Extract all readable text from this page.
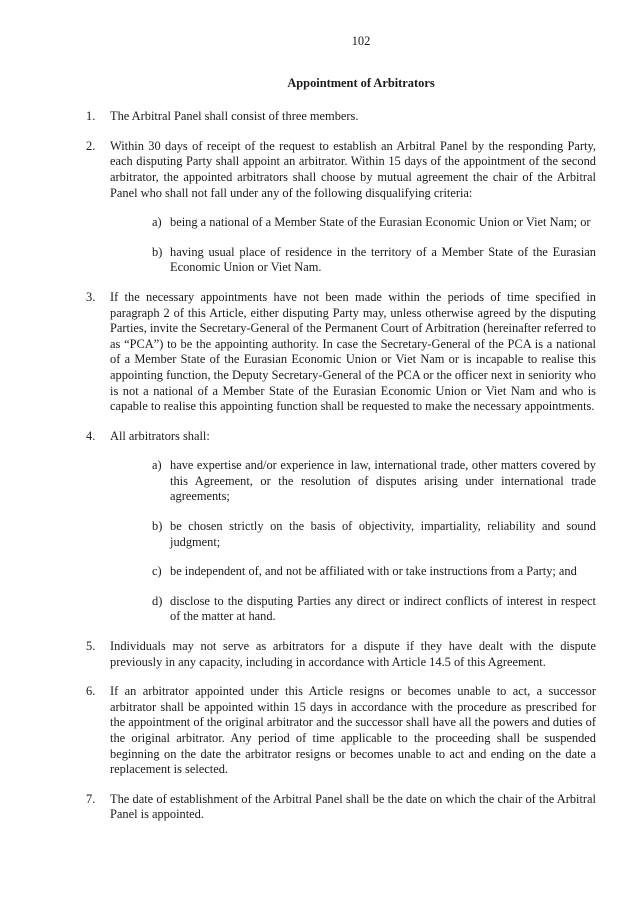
102
Appointment of Arbitrators
1. The Arbitral Panel shall consist of three members.
2. Within 30 days of receipt of the request to establish an Arbitral Panel by the responding Party, each disputing Party shall appoint an arbitrator. Within 15 days of the appointment of the second arbitrator, the appointed arbitrators shall choose by mutual agreement the chair of the Arbitral Panel who shall not fall under any of the following disqualifying criteria:
a) being a national of a Member State of the Eurasian Economic Union or Viet Nam; or
b) having usual place of residence in the territory of a Member State of the Eurasian Economic Union or Viet Nam.
3. If the necessary appointments have not been made within the periods of time specified in paragraph 2 of this Article, either disputing Party may, unless otherwise agreed by the disputing Parties, invite the Secretary-General of the Permanent Court of Arbitration (hereinafter referred to as “PCA”) to be the appointing authority. In case the Secretary-General of the PCA is a national of a Member State of the Eurasian Economic Union or Viet Nam or is incapable to realise this appointing function, the Deputy Secretary-General of the PCA or the officer next in seniority who is not a national of a Member State of the Eurasian Economic Union or Viet Nam and who is capable to realise this appointing function shall be requested to make the necessary appointments.
4. All arbitrators shall:
a) have expertise and/or experience in law, international trade, other matters covered by this Agreement, or the resolution of disputes arising under international trade agreements;
b) be chosen strictly on the basis of objectivity, impartiality, reliability and sound judgment;
c) be independent of, and not be affiliated with or take instructions from a Party; and
d) disclose to the disputing Parties any direct or indirect conflicts of interest in respect of the matter at hand.
5. Individuals may not serve as arbitrators for a dispute if they have dealt with the dispute previously in any capacity, including in accordance with Article 14.5 of this Agreement.
6. If an arbitrator appointed under this Article resigns or becomes unable to act, a successor arbitrator shall be appointed within 15 days in accordance with the procedure as prescribed for the appointment of the original arbitrator and the successor shall have all the powers and duties of the original arbitrator. Any period of time applicable to the proceeding shall be suspended beginning on the date the arbitrator resigns or becomes unable to act and ending on the date a replacement is selected.
7. The date of establishment of the Arbitral Panel shall be the date on which the chair of the Arbitral Panel is appointed.
